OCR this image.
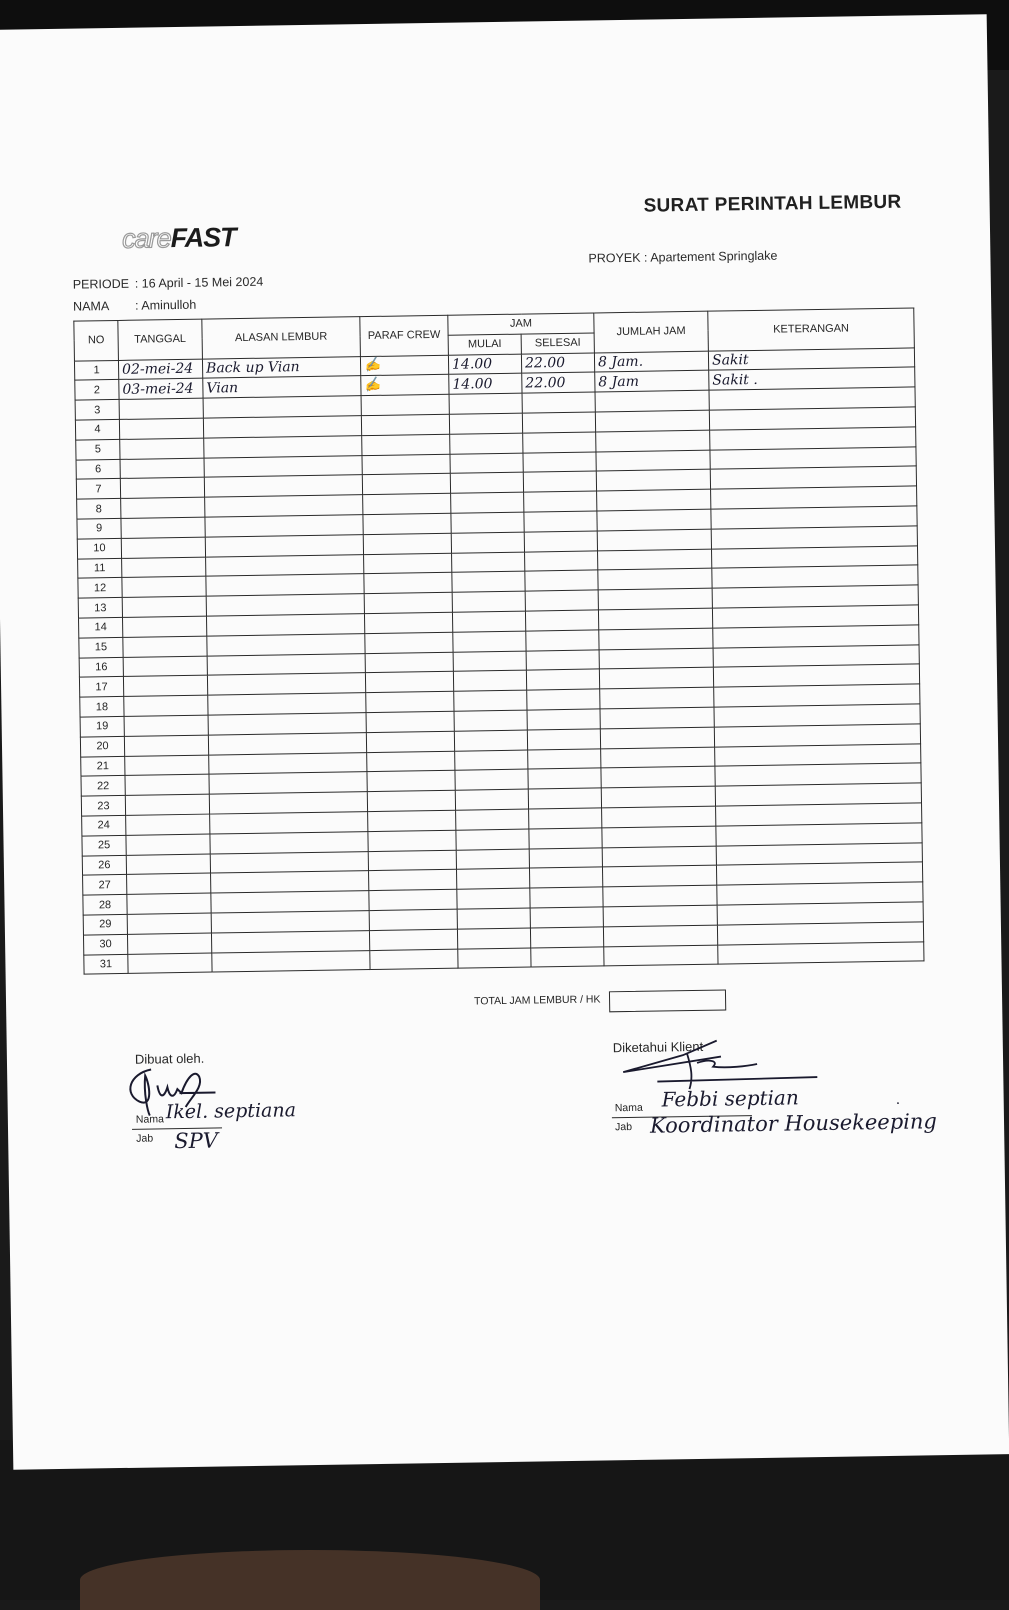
careFAST
SURAT PERINTAH LEMBUR
PROYEK : Apartement Springlake
PERIODE : 16 April - 15 Mei 2024
NAMA : Aminulloh
NO	TANGGAL	ALASAN LEMBUR	PARAF CREW	JAM		JUMLAH JAM	KETERANGAN
				MULAI	SELESAI		
1	02-mei-24	Back up Vian	✍	14.00	22.00	8 Jam.	Sakit
2	03-mei-24	Vian	✍	14.00	22.00	8 Jam	Sakit .
3							
4							
5							
6							
7							
8							
9							
10							
11							
12							
13							
14							
15							
16							
17							
18							
19							
20							
21							
22							
23							
24							
25							
26							
27							
28							
29							
30							
31							
TOTAL JAM LEMBUR / HK
Dibuat oleh.
Nama Ikel. septiana
Jab SPV
Diketahui Klient
Nama Febbi septian
Jab Koordinator Housekeeping
.
